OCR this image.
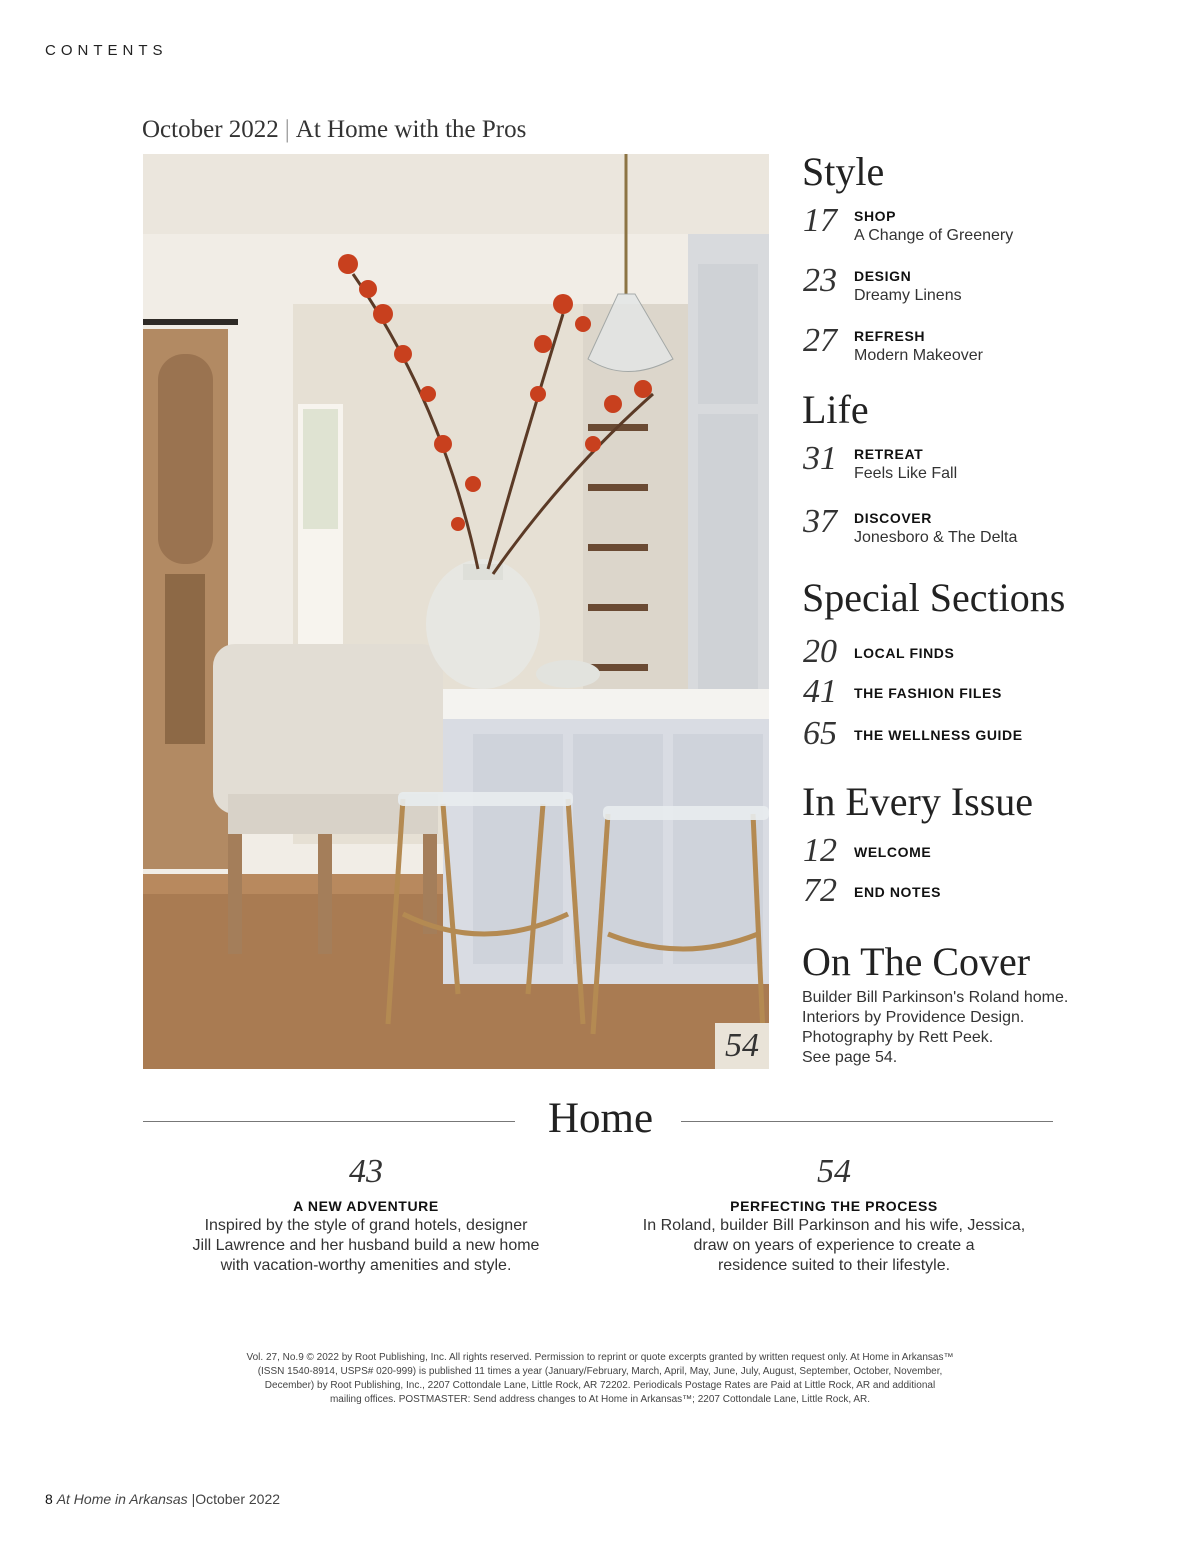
CONTENTS
October 2022 | At Home with the Pros
54
Style
17	SHOP
A Change of Greenery
23	DESIGN
Dreamy Linens
27	REFRESH
Modern Makeover
Life
31	RETREAT
Feels Like Fall
37	DISCOVER
Jonesboro & The Delta
Special Sections
20	LOCAL FINDS
41	THE FASHION FILES
65	THE WELLNESS GUIDE
In Every Issue
12	WELCOME
72	END NOTES
On The Cover
Builder Bill Parkinson's Roland home.
Interiors by Providence Design.
Photography by Rett Peek.
See page 54.
Home
43
A NEW ADVENTURE
Inspired by the style of grand hotels, designer
Jill Lawrence and her husband build a new home
with vacation-worthy amenities and style.
54
PERFECTING THE PROCESS
In Roland, builder Bill Parkinson and his wife, Jessica,
draw on years of experience to create a
residence suited to their lifestyle.
Vol. 27, No.9 © 2022 by Root Publishing, Inc. All rights reserved. Permission to reprint or quote excerpts granted by written request only. At Home in Arkansas™
(ISSN 1540-8914, USPS# 020-999) is published 11 times a year (January/February, March, April, May, June, July, August, September, October, November,
December) by Root Publishing, Inc., 2207 Cottondale Lane, Little Rock, AR 72202. Periodicals Postage Rates are Paid at Little Rock, AR and additional
mailing offices. POSTMASTER: Send address changes to At Home in Arkansas™; 2207 Cottondale Lane, Little Rock, AR.
8 At Home in Arkansas |October 2022
